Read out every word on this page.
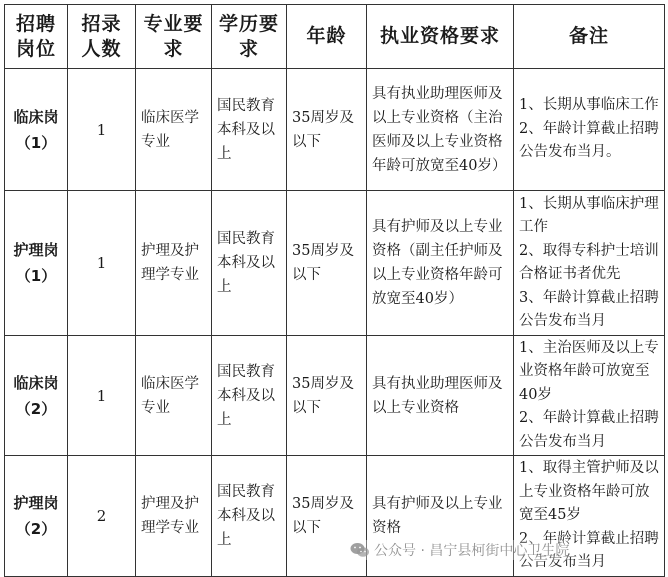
招聘岗位	招录人数	专业要求	学历要求	年龄	执业资格要求	备注
临床岗（1）	1	临床医学专业	国民教育本科及以上	35周岁及以下	具有执业助理医师及以上专业资格（主治医师及以上专业资格年龄可放宽至40岁）	1、长期从事临床工作
2、年龄计算截止招聘公告发布当月。

护理岗（1）	1	护理及护理学专业	国民教育本科及以上	35周岁及以下	具有护师及以上专业资格（副主任护师及以上专业资格年龄可放宽至40岁）	1、长期从事临床护理工作
2、取得专科护士培训合格证书者优先
3、年龄计算截止招聘公告发布当月

临床岗（2）	1	临床医学专业	国民教育本科及以上	35周岁及以下	具有执业助理医师及以上专业资格	1、主治医师及以上专业资格年龄可放宽至40岁
2、年龄计算截止招聘公告发布当月

护理岗（2）	2	护理及护理学专业	国民教育本科及以上	35周岁及以下	具有护师及以上专业资格	1、取得主管护师及以上专业资格年龄可放宽至45岁
2、年龄计算截止招聘公告发布当月
公众号 · 昌宁县柯街中心卫生院
